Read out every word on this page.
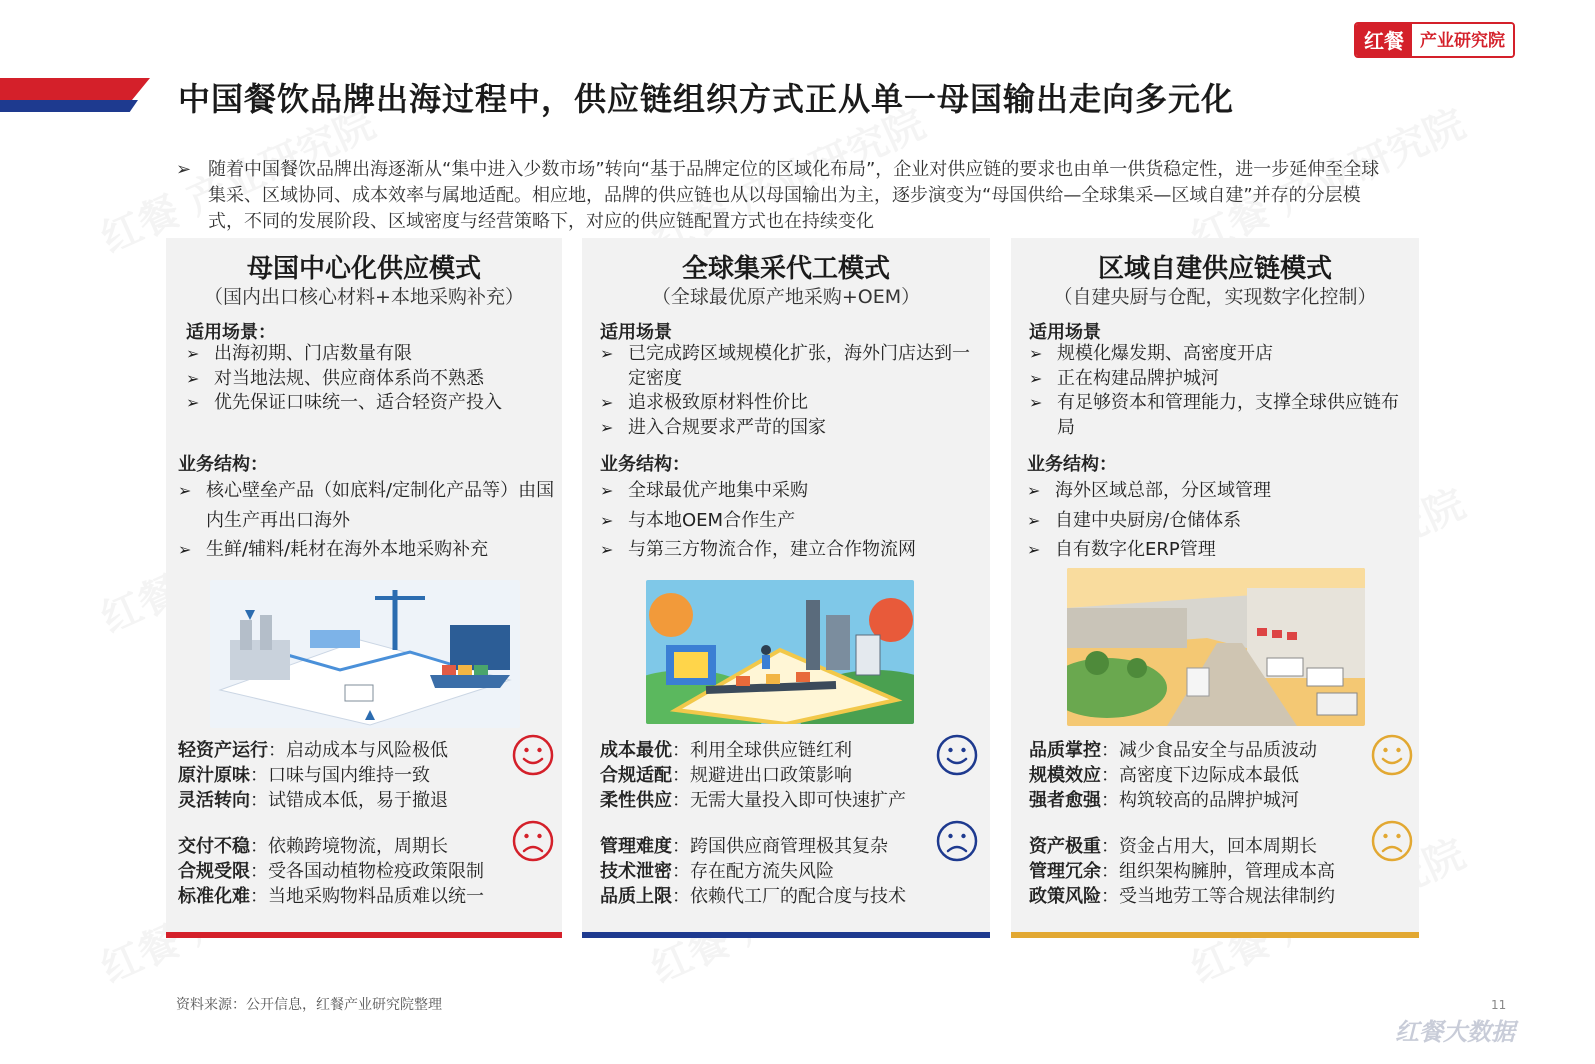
中国餐饮品牌出海过程中，供应链组织方式正从单一母国输出走向多元化
红餐 产业研究院
➢ 随着中国餐饮品牌出海逐渐从“集中进入少数市场”转向“基于品牌定位的区域化布局”，企业对供应链的要求也由单一供货稳定性，进一步延伸至全球集采、区域协同、成本效率与属地适配。相应地，品牌的供应链也从以母国输出为主，逐步演变为“母国供给—全球集采—区域自建”并存的分层模式，不同的发展阶段、区域密度与经营策略下，对应的供应链配置方式也在持续变化

母国中心化供应模式
（国内出口核心材料+本地采购补充）
适用场景：
➢ 出海初期、门店数量有限
➢ 对当地法规、供应商体系尚不熟悉
➢ 优先保证口味统一、适合轻资产投入
业务结构：
➢ 核心壁垒产品（如底料/定制化产品等）由国内生产再出口海外
➢ 生鲜/辅料/耗材在海外本地采购补充
轻资产运行：启动成本与风险极低
原汁原味：口味与国内维持一致
灵活转向：试错成本低，易于撤退
交付不稳：依赖跨境物流，周期长
合规受限：受各国动植物检疫政策限制
标准化难：当地采购物料品质难以统一
全球集采代工模式
（全球最优原产地采购+OEM）
适用场景
➢ 已完成跨区域规模化扩张，海外门店达到一定密度
➢ 追求极致原材料性价比
➢ 进入合规要求严苛的国家
业务结构：
➢ 全球最优产地集中采购
➢ 与本地OEM合作生产
➢ 与第三方物流合作，建立合作物流网
成本最优：利用全球供应链红利
合规适配：规避进出口政策影响
柔性供应：无需大量投入即可快速扩产
管理难度：跨国供应商管理极其复杂
技术泄密：存在配方流失风险
品质上限：依赖代工厂的配合度与技术
区域自建供应链模式
（自建央厨与仓配，实现数字化控制）
适用场景
➢ 规模化爆发期、高密度开店
➢ 正在构建品牌护城河
➢ 有足够资本和管理能力，支撑全球供应链布局
业务结构：
➢ 海外区域总部，分区域管理
➢ 自建中央厨房/仓储体系
➢ 自有数字化ERP管理
品质掌控：减少食品安全与品质波动
规模效应：高密度下边际成本最低
强者愈强：构筑较高的品牌护城河
资产极重：资金占用大，回本周期长
管理冗余：组织架构臃肿，管理成本高
政策风险：受当地劳工等合规法律制约
资料来源：公开信息，红餐产业研究院整理	11
红餐大数据
